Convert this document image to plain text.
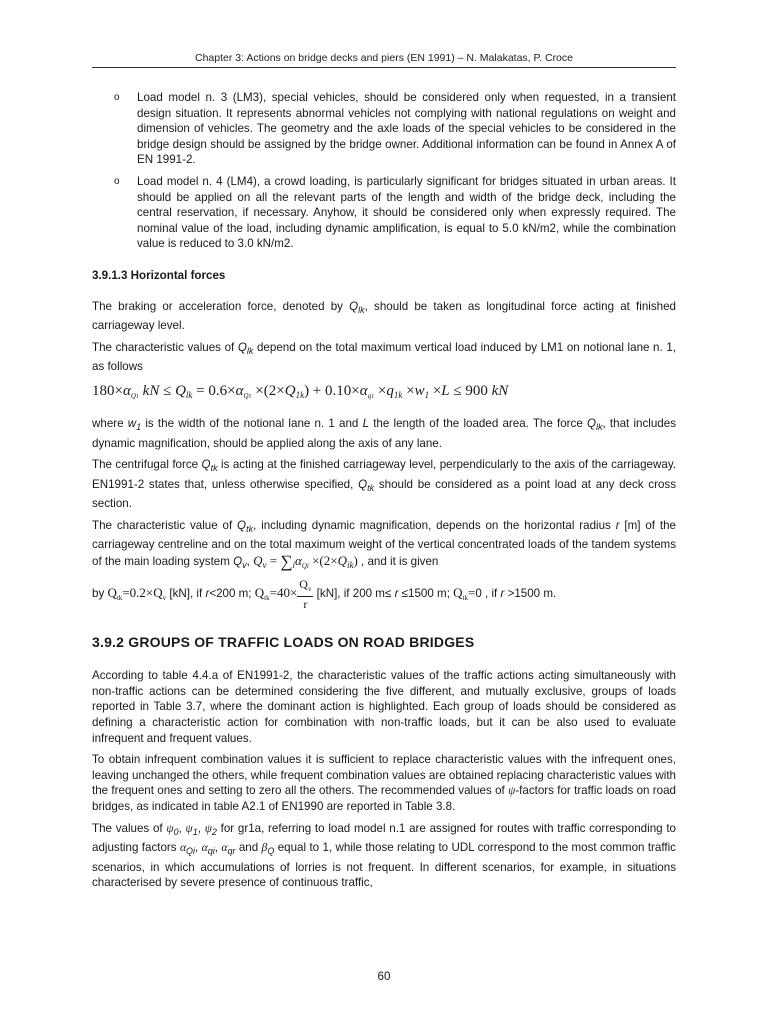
Chapter 3: Actions on bridge decks and piers (EN 1991) – N. Malakatas, P. Croce
o Load model n. 3 (LM3), special vehicles, should be considered only when requested, in a transient design situation. It represents abnormal vehicles not complying with national regulations on weight and dimension of vehicles. The geometry and the axle loads of the special vehicles to be considered in the bridge design should be assigned by the bridge owner. Additional information can be found in Annex A of EN 1991-2.
o Load model n. 4 (LM4), a crowd loading, is particularly significant for bridges situated in urban areas. It should be applied on all the relevant parts of the length and width of the bridge deck, including the central reservation, if necessary. Anyhow, it should be considered only when expressly required. The nominal value of the load, including dynamic amplification, is equal to 5.0 kN/m2, while the combination value is reduced to 3.0 kN/m2.
3.9.1.3 Horizontal forces

The braking or acceleration force, denoted by $Q_{lk}$, should be taken as longitudinal force acting at finished carriageway level.

The characteristic values of $Q_{lk}$ depend on the total maximum vertical load induced by LM1 on notional lane n. 1, as follows

$180\times\alpha_{Q1}$ kN ≤ $Q_{lk} = 0.6\times\alpha_{Q1} \times(2\times Q_{1k}) + 0.10\times\alpha_{q1} \times q_{1k} \times w_1 \times L \le 900$ kN

where $w_1$ is the width of the notional lane n. 1 and L the length of the loaded area. The force $Q_{lk}$, that includes dynamic magnification, should be applied along the axis of any lane.

The centrifugal force $Q_{tk}$ is acting at the finished carriageway level, perpendicularly to the axis of the carriageway. EN1991-2 states that, unless otherwise specified, $Q_{tk}$ should be considered as a point load at any deck cross section.

The characteristic value of $Q_{tk}$, including dynamic magnification, depends on the horizontal radius r [m] of the carriageway centreline and on the total maximum weight of the vertical concentrated loads of the tandem systems of the main loading system $Q_v$, $Q_v = \sum_i\alpha_{Qi} \times(2\times Q_{ik})$ , and it is given

by $Q_{tk}=0.2\times Q_v$ [kN], if r<200 m; $Q_{tk}=40\times \frac{Q_v}{r} [kN]$, if 200 m≤ r ≤1500 m; $Q_{tk}=0$ , if r >1500 m.

3.9.2 GROUPS OF TRAFFIC LOADS ON ROAD BRIDGES

According to table 4.4.a of EN1991-2, the characteristic values of the traffic actions acting simultaneously with non-traffic actions can be determined considering the five different, and mutually exclusive, groups of loads reported in Table 3.7, where the dominant action is highlighted. Each group of loads should be considered as defining a characteristic action for combination with non-traffic loads, but it can be also used to evaluate infrequent and frequent values.

To obtain infrequent combination values it is sufficient to replace characteristic values with the infrequent ones, leaving unchanged the others, while frequent combination values are obtained replacing characteristic values with the frequent ones and setting to zero all the others. The recommended values of ψ-factors for traffic loads on road bridges, as indicated in table A2.1 of EN1990 are reported in Table 3.8.

The values of $\psi_0$, $\psi_1$, $\psi_2$ for gr1a, referring to load model n.1 are assigned for routes with traffic corresponding to adjusting factors $\alpha_{Qi}$, $\alpha_{qi}$, $\alpha_{qr}$ and $\beta_Q$ equal to 1, while those relating to UDL correspond to the most common traffic scenarios, in which accumulations of lorries is not frequent. In different scenarios, for example, in situations characterised by severe presence of continuous traffic,

60
